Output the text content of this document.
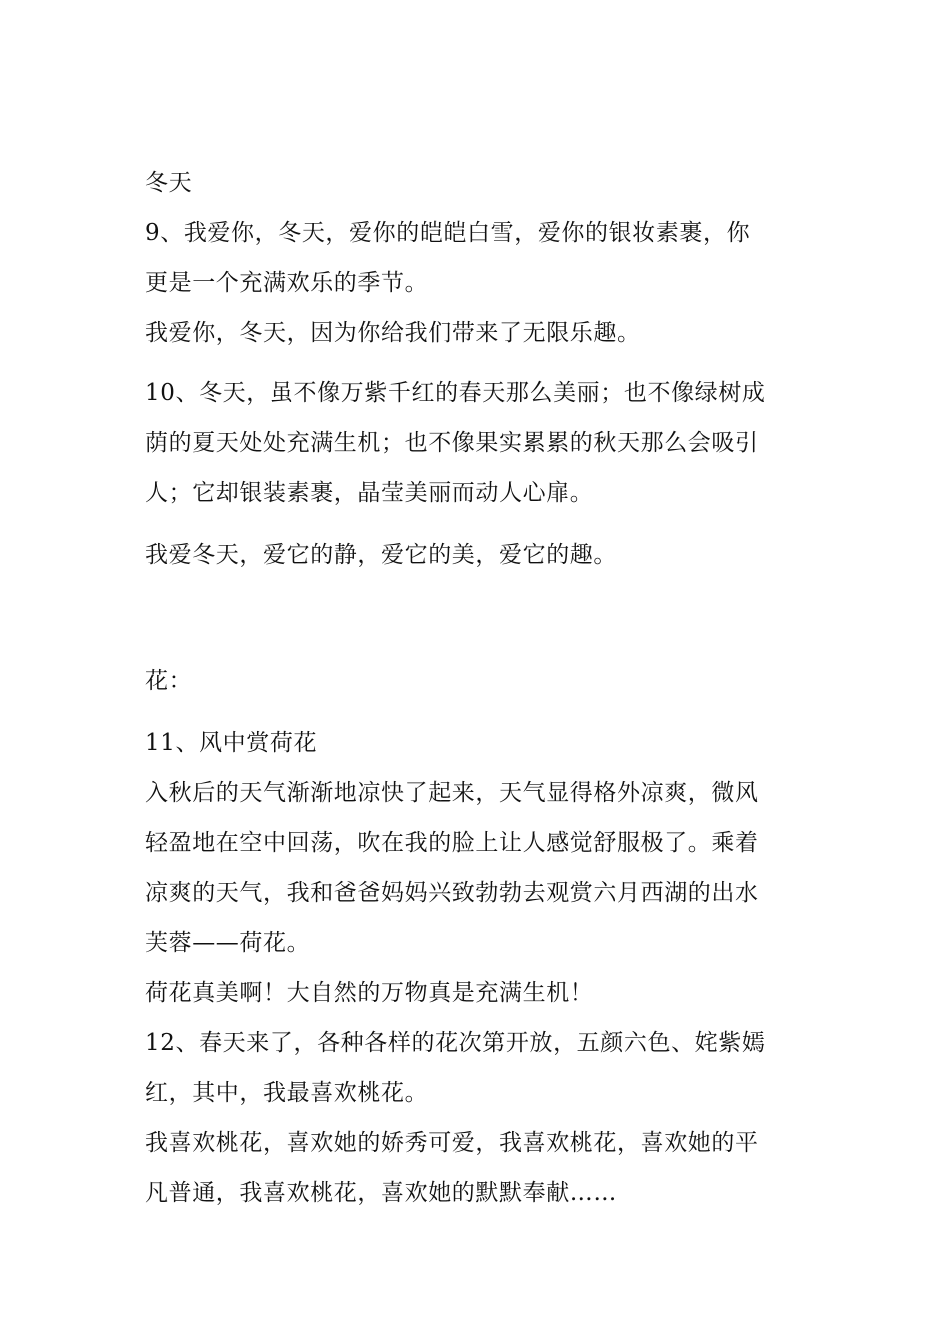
冬天
9、我爱你，冬天，爱你的皑皑白雪，爱你的银妆素裹，你
更是一个充满欢乐的季节。
我爱你，冬天，因为你给我们带来了无限乐趣。
10、冬天，虽不像万紫千红的春天那么美丽；也不像绿树成
荫的夏天处处充满生机；也不像果实累累的秋天那么会吸引
人；它却银装素裹，晶莹美丽而动人心扉。
我爱冬天，爱它的静，爱它的美，爱它的趣。
花：
11、风中赏荷花
入秋后的天气渐渐地凉快了起来，天气显得格外凉爽，微风
轻盈地在空中回荡，吹在我的脸上让人感觉舒服极了。乘着
凉爽的天气，我和爸爸妈妈兴致勃勃去观赏六月西湖的出水
芙蓉——荷花。
荷花真美啊！大自然的万物真是充满生机！
12、春天来了，各种各样的花次第开放，五颜六色、姹紫嫣
红，其中，我最喜欢桃花。
我喜欢桃花，喜欢她的娇秀可爱，我喜欢桃花，喜欢她的平
凡普通，我喜欢桃花，喜欢她的默默奉献……
